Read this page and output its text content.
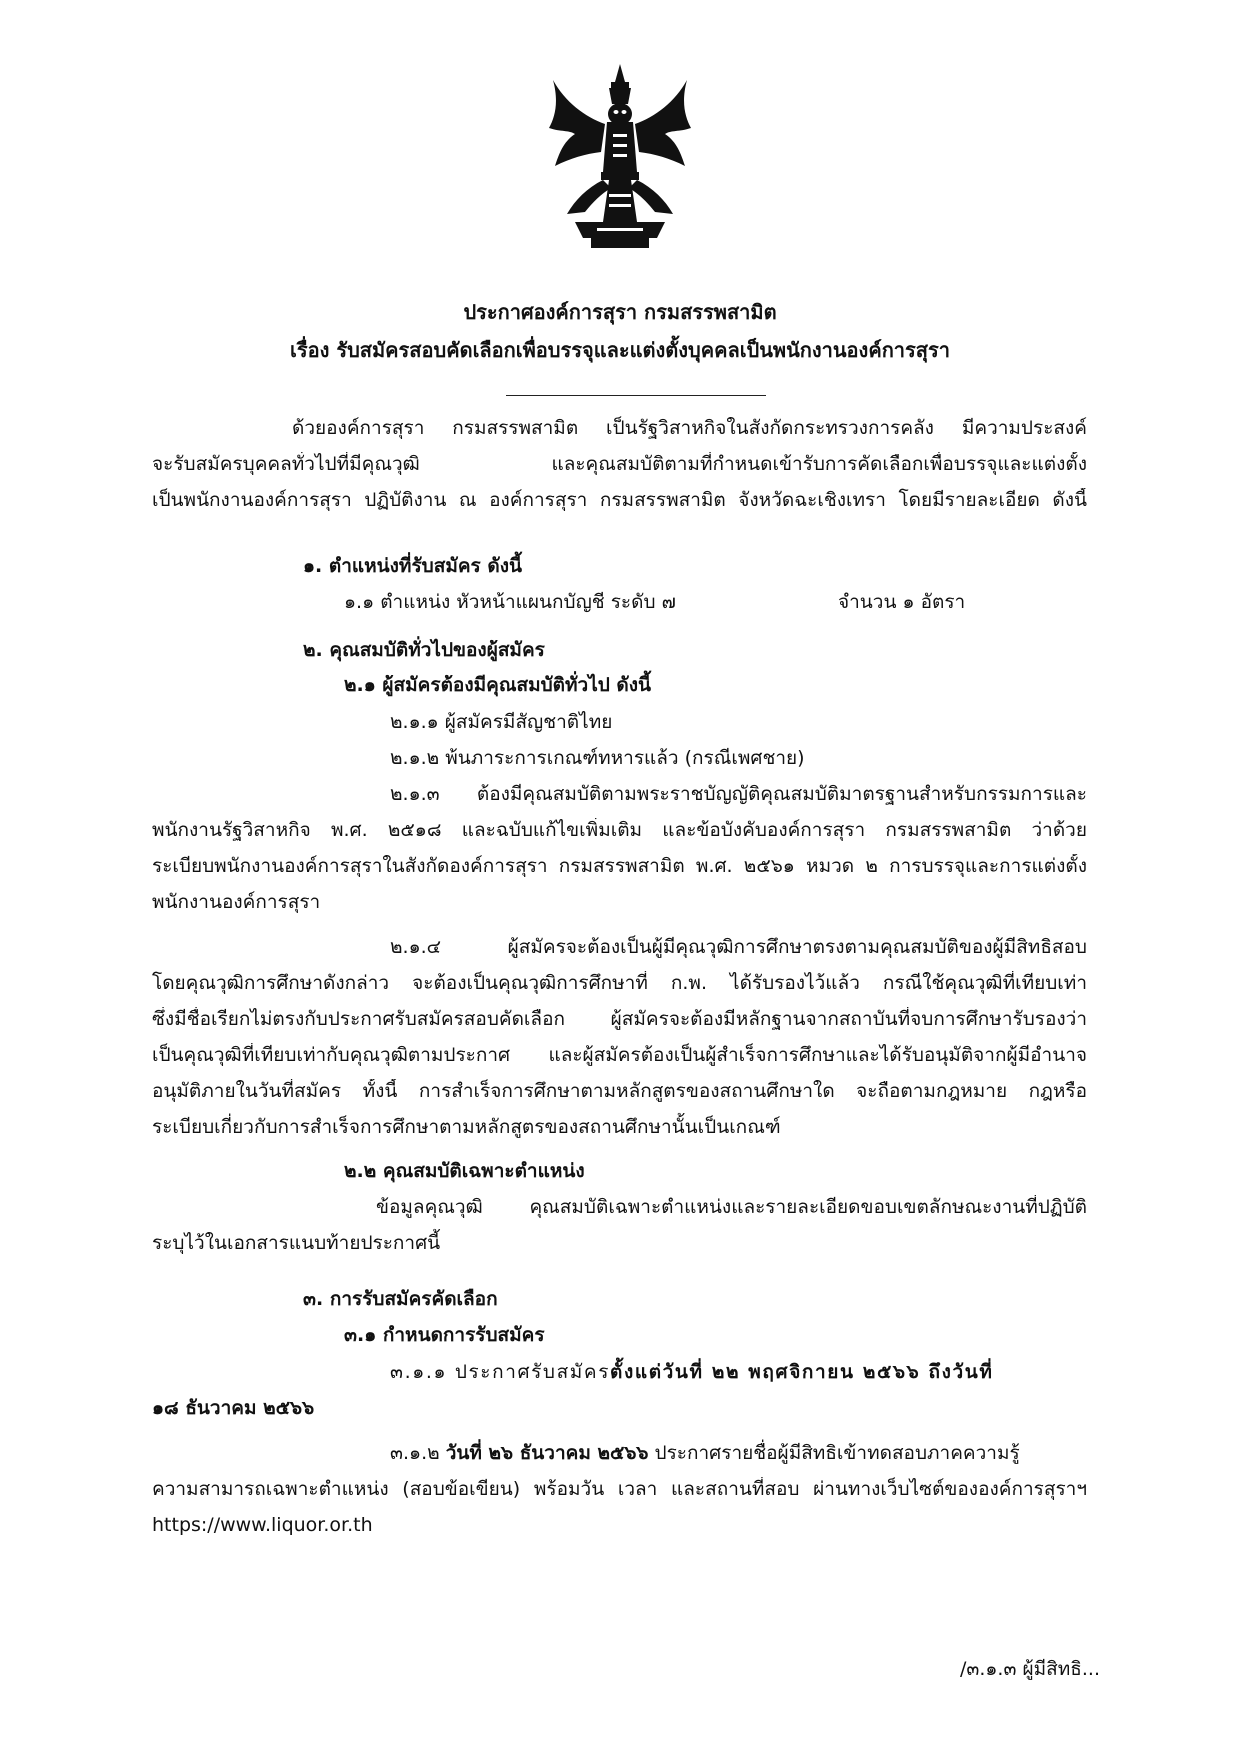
ประกาศองค์การสุรา กรมสรรพสามิต
เรื่อง รับสมัครสอบคัดเลือกเพื่อบรรจุและแต่งตั้งบุคคลเป็นพนักงานองค์การสุรา
ด้วยองค์การสุรา กรมสรรพสามิต เป็นรัฐวิสาหกิจในสังกัดกระทรวงการคลัง มีความประสงค์
จะรับสมัครบุคคลทั่วไปที่มีคุณวุฒิ และคุณสมบัติตามที่กำหนดเข้ารับการคัดเลือกเพื่อบรรจุและแต่งตั้ง
เป็นพนักงานองค์การสุรา ปฏิบัติงาน ณ องค์การสุรา กรมสรรพสามิต จังหวัดฉะเชิงเทรา โดยมีรายละเอียด ดังนี้
๑. ตำแหน่งที่รับสมัคร ดังนี้
๑.๑ ตำแหน่ง หัวหน้าแผนกบัญชี ระดับ ๗	จำนวน ๑ อัตรา
๒. คุณสมบัติทั่วไปของผู้สมัคร
๒.๑ ผู้สมัครต้องมีคุณสมบัติทั่วไป ดังนี้
๒.๑.๑ ผู้สมัครมีสัญชาติไทย
๒.๑.๒ พ้นภาระการเกณฑ์ทหารแล้ว (กรณีเพศชาย)
๒.๑.๓ ต้องมีคุณสมบัติตามพระราชบัญญัติคุณสมบัติมาตรฐานสำหรับกรรมการและ
พนักงานรัฐวิสาหกิจ พ.ศ. ๒๕๑๘ และฉบับแก้ไขเพิ่มเติม และข้อบังคับองค์การสุรา กรมสรรพสามิต ว่าด้วย
ระเบียบพนักงานองค์การสุราในสังกัดองค์การสุรา กรมสรรพสามิต พ.ศ. ๒๕๖๑ หมวด ๒ การบรรจุและการแต่งตั้ง
พนักงานองค์การสุรา
๒.๑.๔ ผู้สมัครจะต้องเป็นผู้มีคุณวุฒิการศึกษาตรงตามคุณสมบัติของผู้มีสิทธิสอบ
โดยคุณวุฒิการศึกษาดังกล่าว จะต้องเป็นคุณวุฒิการศึกษาที่ ก.พ. ได้รับรองไว้แล้ว กรณีใช้คุณวุฒิที่เทียบเท่า
ซึ่งมีชื่อเรียกไม่ตรงกับประกาศรับสมัครสอบคัดเลือก ผู้สมัครจะต้องมีหลักฐานจากสถาบันที่จบการศึกษารับรองว่า
เป็นคุณวุฒิที่เทียบเท่ากับคุณวุฒิตามประกาศ และผู้สมัครต้องเป็นผู้สำเร็จการศึกษาและได้รับอนุมัติจากผู้มีอำนาจ
อนุมัติภายในวันที่สมัคร ทั้งนี้ การสำเร็จการศึกษาตามหลักสูตรของสถานศึกษาใด จะถือตามกฎหมาย กฎหรือ
ระเบียบเกี่ยวกับการสำเร็จการศึกษาตามหลักสูตรของสถานศึกษานั้นเป็นเกณฑ์
๒.๒ คุณสมบัติเฉพาะตำแหน่ง
ข้อมูลคุณวุฒิ คุณสมบัติเฉพาะตำแหน่งและรายละเอียดขอบเขตลักษณะงานที่ปฏิบัติ
ระบุไว้ในเอกสารแนบท้ายประกาศนี้
๓. การรับสมัครคัดเลือก
๓.๑ กำหนดการรับสมัคร
๓.๑.๑ ประกาศรับสมัครตั้งแต่วันที่ ๒๒ พฤศจิกายน ๒๕๖๖ ถึงวันที่
๑๘ ธันวาคม ๒๕๖๖
๓.๑.๒ วันที่ ๒๖ ธันวาคม ๒๕๖๖ ประกาศรายชื่อผู้มีสิทธิเข้าทดสอบภาคความรู้
ความสามารถเฉพาะตำแหน่ง (สอบข้อเขียน) พร้อมวัน เวลา และสถานที่สอบ ผ่านทางเว็บไซต์ขององค์การสุราฯ
https://www.liquor.or.th
/๓.๑.๓ ผู้มีสิทธิ...
